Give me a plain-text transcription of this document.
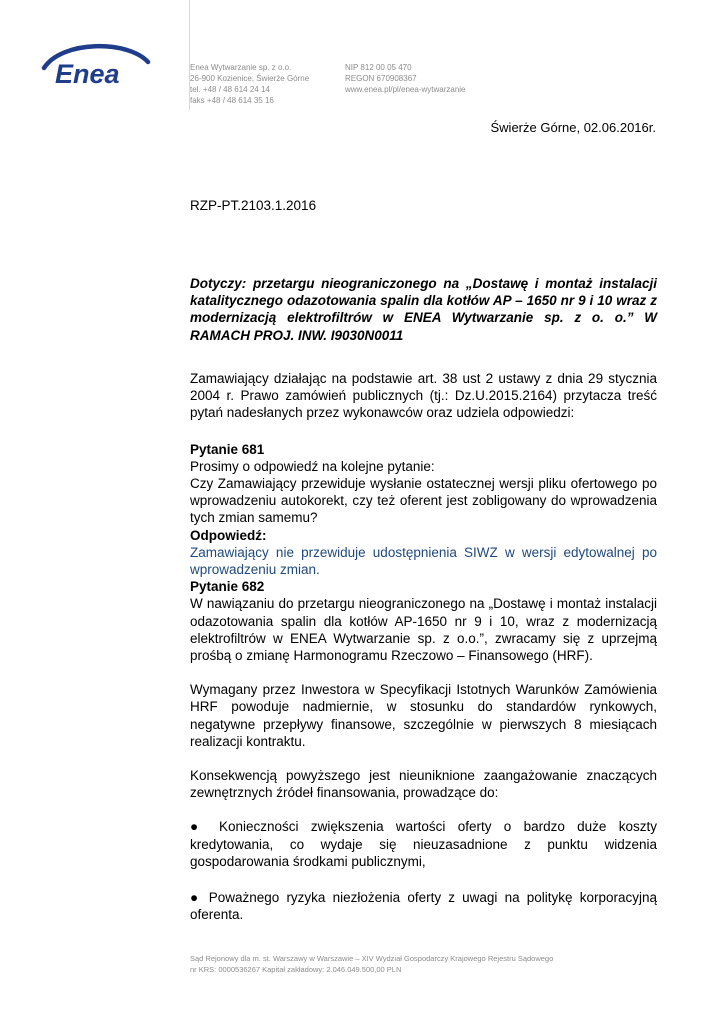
Enea	Enea Wytwarzanie sp. z o.o.
26-900 Kozienice, Świerże Górne
tel. +48 / 48 614 24 14
faks +48 / 48 614 35 16
NIP 812 00 05 470
REGON 670908367
www.enea.pl/pl/enea-wytwarzanie
Świerże Górne, 02.06.2016r.
RZP-PT.2103.1.2016
Dotyczy: przetargu nieograniczonego na „Dostawę i montaż instalacji katalitycznego odazotowania spalin dla kotłów AP – 1650 nr 9 i 10 wraz z modernizacją elektrofiltrów w ENEA Wytwarzanie sp. z o. o.” W RAMACH PROJ. INW. I9030N0011

Zamawiający działając na podstawie art. 38 ust 2 ustawy z dnia 29 stycznia 2004 r. Prawo zamówień publicznych (tj.: Dz.U.2015.2164) przytacza treść pytań nadesłanych przez wykonawców oraz udziela odpowiedzi:

Pytanie 681

Prosimy o odpowiedź na kolejne pytanie:

Czy Zamawiający przewiduje wysłanie ostatecznej wersji pliku ofertowego po wprowadzeniu autokorekt, czy też oferent jest zobligowany do wprowadzenia tych zmian samemu?

Odpowiedź:

Zamawiający nie przewiduje udostępnienia SIWZ w wersji edytowalnej po wprowadzeniu zmian.

Pytanie 682

W nawiązaniu do przetargu nieograniczonego na „Dostawę i montaż instalacji odazotowania spalin dla kotłów AP-1650 nr 9 i 10, wraz z modernizacją elektrofiltrów w ENEA Wytwarzanie sp. z o.o.”, zwracamy się z uprzejmą prośbą o zmianę Harmonogramu Rzeczowo – Finansowego (HRF).

Wymagany przez Inwestora w Specyfikacji Istotnych Warunków Zamówienia HRF powoduje nadmiernie, w stosunku do standardów rynkowych, negatywne przepływy finansowe, szczególnie w pierwszych 8 miesiącach realizacji kontraktu.

Konsekwencją powyższego jest nieuniknione zaangażowanie znaczących zewnętrznych źródeł finansowania, prowadzące do:

● Konieczności zwiększenia wartości oferty o bardzo duże koszty kredytowania, co wydaje się nieuzasadnione z punktu widzenia gospodarowania środkami publicznymi,

● Poważnego ryzyka niezłożenia oferty z uwagi na politykę korporacyjną oferenta.

Sąd Rejonowy dla m. st. Warszawy w Warszawie – XIV Wydział Gospodarczy Krajowego Rejestru Sądowego
nr KRS: 0000536267 Kapitał zakładowy: 2.046.049.500,00 PLN
